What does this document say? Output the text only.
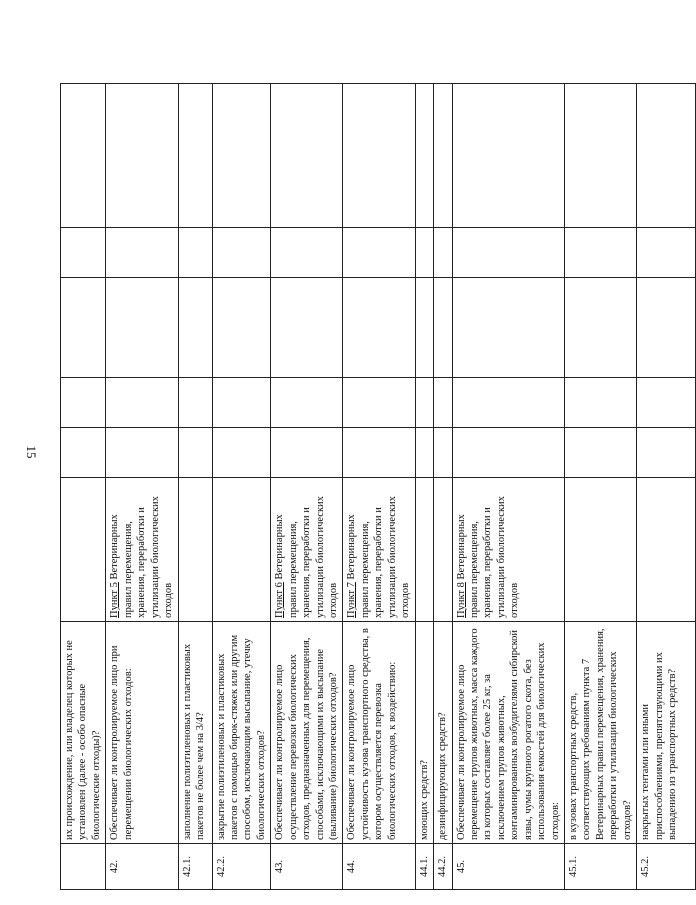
15
	их происхождение, или владелец которых не установлен (далее - особо опасные биологические отходы)?						
42.	Обеспечивает ли контролируемое лицо при перемещении биологических отходов:	Пункт 5 Ветеринарных правил перемещения, хранения, переработки и утилизации биологических отходов					
42.1.	заполнение полиэтиленовых и пластиковых пакетов не более чем на 3/4?						
42.2.	закрытие полиэтиленовых и пластиковых пакетов с помощью бирок-стяжек или другим способом, исключающим высыпание, утечку биологических отходов?						
43.	Обеспечивает ли контролируемое лицо осуществление перевозки биологических отходов, предназначенных для перемещения, способами, исключающими их высыпание (выливание) биологических отходов?	Пункт 6 Ветеринарных правил перемещения, хранения, переработки и утилизации биологических отходов					
44.	Обеспечивает ли контролируемое лицо устойчивость кузова транспортного средства, в котором осуществляется перевозка биологических отходов, к воздействию:	Пункт 7 Ветеринарных правил перемещения, хранения, переработки и утилизации биологических отходов					
44.1.	моющих средств?						
44.2.	дезинфицирующих средств?						
45.	Обеспечивает ли контролируемое лицо перемещение трупов животных, масса каждого из которых составляет более 25 кг, за исключением трупов животных, контаминированных возбудителями сибирской язвы, чумы крупного рогатого скота, без использования емкостей для биологических отходов:	Пункт 8 Ветеринарных правил перемещения, хранения, переработки и утилизации биологических отходов					
45.1.	в кузовах транспортных средств, соответствующих требованиям пункта 7 Ветеринарных правил перемещения, хранения, переработки и утилизации биологических отходов?						
45.2.	накрытых тентами или иными приспособлениями, препятствующими их выпадению из транспортных средств?						
